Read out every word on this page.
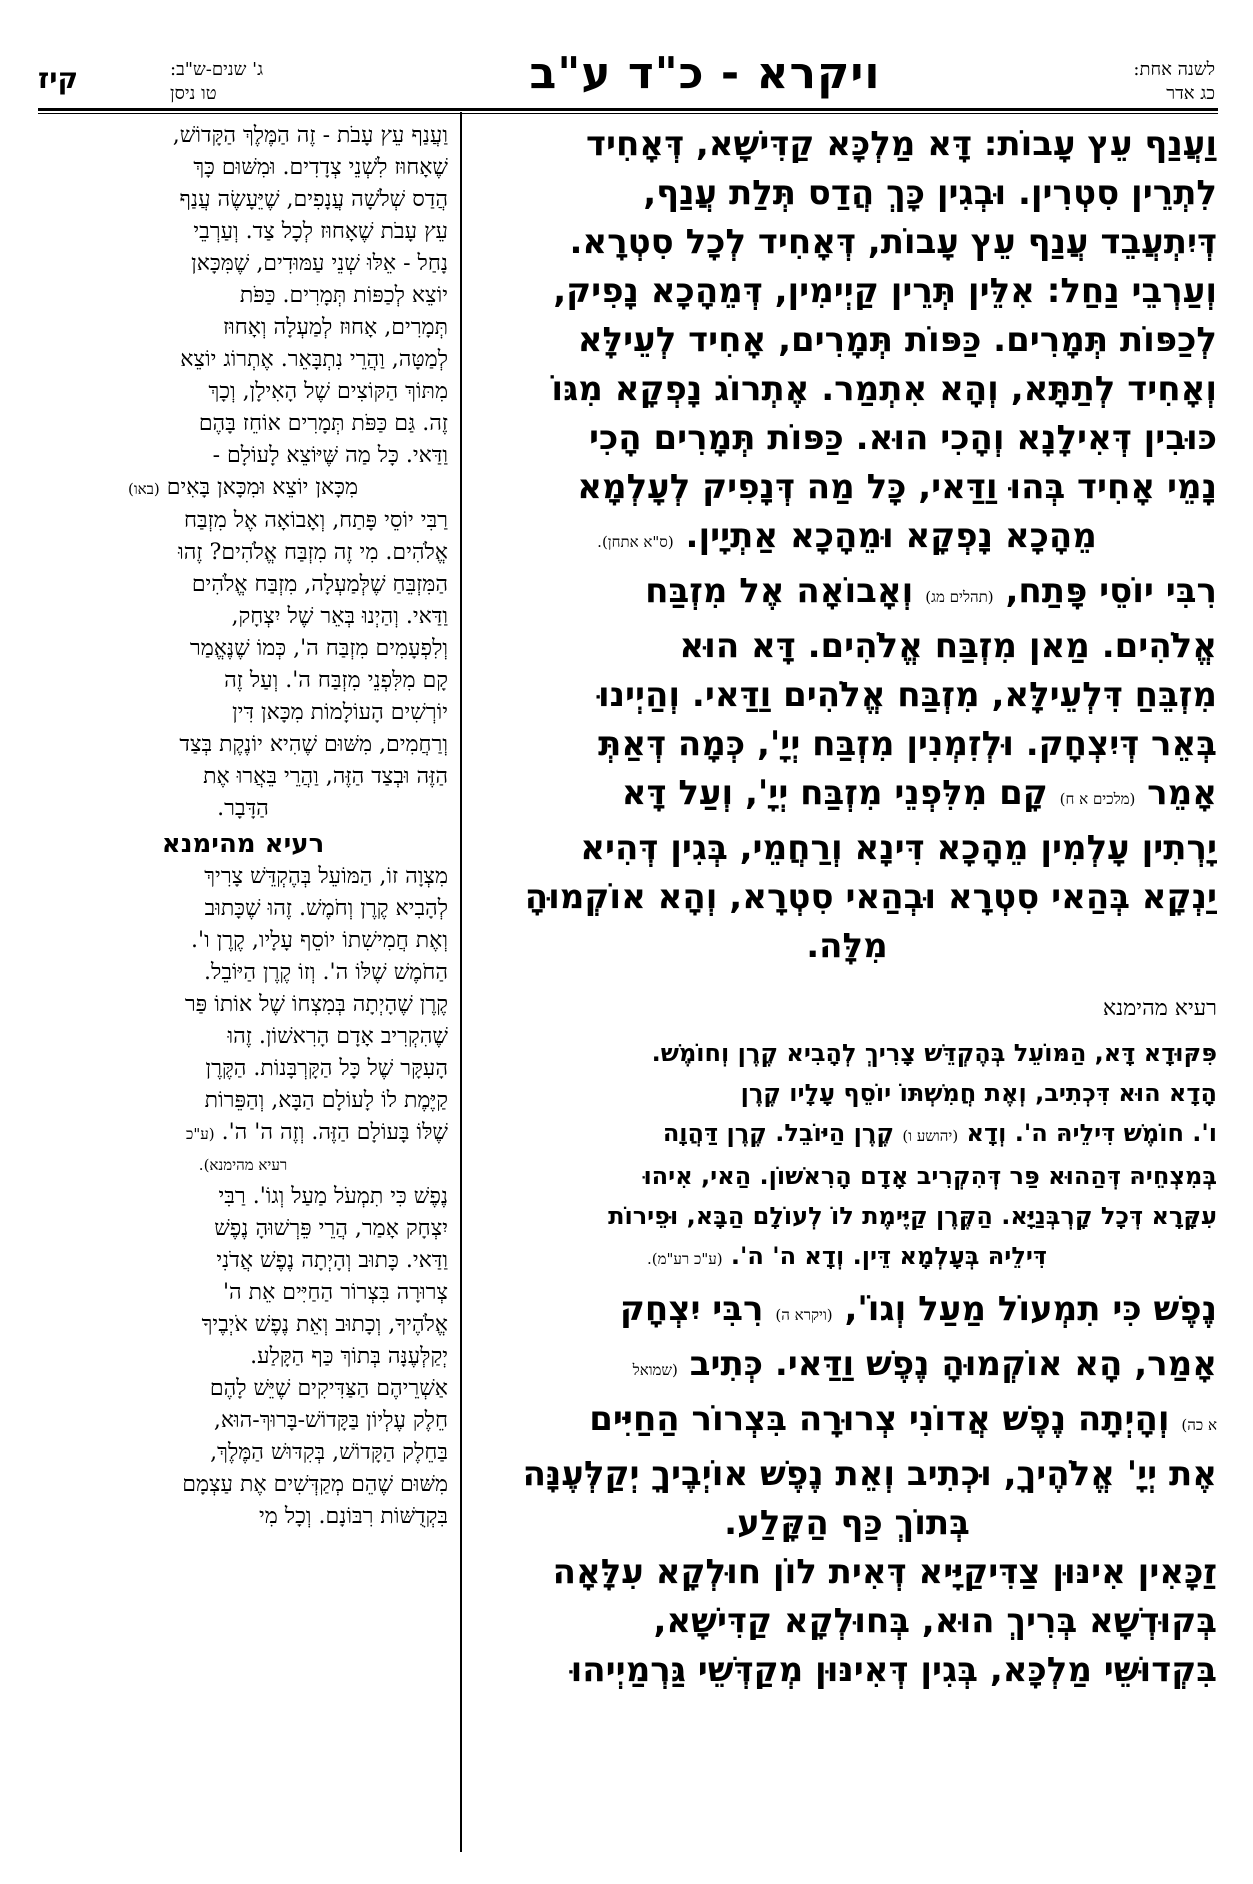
לשנה אחת:
כג אדר
ויקרא - כ"ד ע"ב
ג' שנים-ש"ב:
טו ניסן
קיז
וַעֲנַף עֵץ עָבוֹת: דָּא מַלְכָּא קַדִּישָׁא, דְּאָחִיד
לִתְרֵין סִטְרִין. וּבְגִין כָּךְ הֲדַס תְּלַת עֲנַף,
דְּיִתְעֲבֵד עֲנַף עֵץ עָבוֹת, דְּאָחִיד לְכָל סִטְרָא.
וְעַרְבֵי נַחַל: אִלֵּין תְּרֵין קַיְימִין, דְּמֵהָכָא נָפִיק,
לְכַפּוֹת תְּמָרִים. כַּפּוֹת תְּמָרִים, אָחִיד לְעֵילָּא
וְאָחִיד לְתַתָּא, וְהָא אִתְמַר. אֶתְרוֹג נָפְקָא מִגּוֹ
כּוּבִין דְּאִילָנָא וְהָכִי הוּא. כַּפּוֹת תְּמָרִים הָכִי
נָמֵי אָחִיד בְּהוּ וַדַּאי, כָּל מַה דְּנָפִיק לְעָלְמָא
מֵהָכָא נָפְקָא וּמֵהָכָא אַתְיָין. (ס"א אתחן).
רִבִּי יוֹסֵי פָּתַח, (תהלים מג) וְאָבוֹאָה אֶל מִזְבַּח
אֱלֹהִים. מַאן מִזְבַּח אֱלֹהִים. דָּא הוּא
מִזְבֵּחַ דִּלְעֵילָּא, מִזְבַּח אֱלֹהִים וַדַּאי. וְהַיְינוּ
בְּאֵר דְּיִצְחָק. וּלְזִמְנִין מִזְבַּח יְיָ', כְּמָה דְּאַתְּ
אָמֵר (מלכים א ח) קָם מִלִּפְנֵי מִזְבַּח יְיָ', וְעַל דָּא
יָרְתִין עָלְמִין מֵהָכָא דִּינָא וְרַחֲמֵי, בְּגִין דְּהִיא
יַנְקָא בְּהַאי סִטְרָא וּבְהַאי סִטְרָא, וְהָא אוֹקְמוּהָ
מִלָּה.
רעיא מהימנא
פִּקּוּדָא דָּא, הַמּוֹעֵל בְּהֶקְדֵּשׁ צָרִיךְ לְהָבִיא קֶרֶן וְחוֹמֶשׁ.
הָדָא הוּא דִּכְתִיב, וְאֶת חֲמִשְׁתּוֹ יוֹסֵף עָלָיו קֶרֶן
ו'. חוֹמֶשׁ דִּילֵיהּ ה'. וְדָא (יהושע ו) קֶרֶן הַיּוֹבֵל. קֶרֶן דַּהֲוָה
בְּמִצְחֵיהּ דְּהַהוּא פַּר דְּהִקְרִיב אָדָם הָרִאשׁוֹן. הַאי, אִיהוּ
עִקָּרָא דְּכָל קָרְבְּנַיָּא. הַקֶּרֶן קַיֶּימֶת לוֹ לְעוֹלָם הַבָּא, וּפֵירוֹת
דִּילֵיהּ בְּעָלְמָא דֵּין. וְדָא ה' ה'. (ע"כ רע"מ).
נֶפֶשׁ כִּי תִמְעוֹל מַעַל וְגוֹ', (ויקרא ה) רִבִּי יִצְחָק
אָמַר, הָא אוֹקְמוּהָ נֶפֶשׁ וַדַּאי. כְּתִיב (שמואל
א כה) וְהָיְתָה נֶפֶשׁ אֲדוֹנִי צְרוּרָה בִּצְרוֹר הַחַיִּים
אֶת יְיָ' אֱלֹהֶיךָ, וּכְתִיב וְאֵת נֶפֶשׁ אוֹיְבֶיךָ יְקַלְּעֶנָּה
בְּתוֹךְ כַּף הַקָּלַע.
זַכָּאִין אִינּוּן צַדִּיקַיָּיא דְּאִית לוֹן חוּלְקָא עִלָּאָה
בְּקוּדְשָׁא בְּרִיךְ הוּא, בְּחוּלְקָא קַדִּישָׁא,
בִּקְדוּשֵּׁי מַלְכָּא, בְּגִין דְּאִינּוּן מְקַדְּשֵׁי גַּרְמַיְיהוּ
וַעֲנַף עֵץ עָבֹת - זֶה הַמֶּלֶךְ הַקָּדוֹשׁ,
שֶׁאָחוּז לִשְׁנֵי צְדָדִים. וּמִשּׁוּם כָּךְ
הֲדַס שְׁלֹשָׁה עֲנָפִים, שֶׁיֵּעָשֶׂה עֲנַף
עֵץ עָבֹת שֶׁאָחוּז לְכָל צַד. וְעַרְבֵי
נָחַל - אֵלּוּ שְׁנֵי עַמּוּדִים, שֶׁמִּכָּאן
יוֹצֵא לְכַפּוֹת תְּמָרִים. כַּפֹּת
תְּמָרִים, אָחוּז לְמַעְלָה וְאָחוּז
לְמַטָּה, וַהֲרֵי נִתְבָּאֵר. אֶתְרוֹג יוֹצֵא
מִתּוֹךְ הַקּוֹצִים שֶׁל הָאִילָן, וְכָךְ
זֶה. גַּם כַּפֹּת תְּמָרִים אוֹחֵז בָּהֶם
וַדַּאי. כָּל מַה שֶּׁיּוֹצֵא לָעוֹלָם -
מִכָּאן יוֹצֵא וּמִכָּאן בָּאִים (באו)
רַבִּי יוֹסֵי פָּתַח, וְאָבוֹאָה אֶל מִזְבַּח
אֱלֹהִים. מִי זֶה מִזְבַּח אֱלֹהִים? זֶהוּ
הַמִּזְבֵּחַ שֶׁלְּמַעְלָה, מִזְבַּח אֱלֹהִים
וַדַּאי. וְהַיְנוּ בְּאֵר שֶׁל יִצְחָק,
וְלִפְעָמִים מִזְבַּח ה', כְּמוֹ שֶׁנֶּאֱמַר
קָם מִלִּפְנֵי מִזְבַּח ה'. וְעַל זֶה
יוֹרְשִׁים הָעוֹלָמוֹת מִכָּאן דִּין
וְרַחֲמִים, מִשּׁוּם שֶׁהִיא יוֹנֶקֶת בְּצַד
הַזֶּה וּבְצַד הַזֶּה, וַהֲרֵי בֵּאֲרוּ אֶת
הַדָּבָר.
רעיא מהימנא
מִצְוָה זוֹ, הַמּוֹעֵל בְּהֶקְדֵּשׁ צָרִיךְ
לְהָבִיא קֶרֶן וְחֹמֶשׁ. זֶהוּ שֶׁכָּתוּב
וְאֶת חֲמִישִׁתוֹ יוֹסֵף עָלָיו, קֶרֶן ו'.
הַחֹמֶשׁ שֶׁלּוֹ ה'. וְזוֹ קֶרֶן הַיּוֹבֵל.
קֶרֶן שֶׁהָיְתָה בְּמִצְחוֹ שֶׁל אוֹתוֹ פַּר
שֶׁהִקְרִיב אָדָם הָרִאשׁוֹן. זֶהוּ
הָעִקָּר שֶׁל כָּל הַקָּרְבָּנוֹת. הַקֶּרֶן
קַיֶּמֶת לוֹ לָעוֹלָם הַבָּא, וְהַפֵּרוֹת
שֶׁלּוֹ בָּעוֹלָם הַזֶּה. וְזֶה ה' ה'. (ע"כ
רעיא מהימנא).
נֶפֶשׁ כִּי תִמְעֹל מַעַל וְגוֹ'. רַבִּי
יִצְחָק אָמַר, הֲרֵי פֵּרְשׁוּהָ נֶפֶשׁ
וַדַּאי. כָּתוּב וְהָיְתָה נֶפֶשׁ אֲדֹנִי
צְרוּרָה בִּצְרוֹר הַחַיִּים אֵת ה'
אֱלֹהֶיךָ, וְכָתוּב וְאֵת נֶפֶשׁ אֹיְבֶיךָ
יְקַלְּעֶנָּה בְּתוֹךְ כַּף הַקָּלַע.
אַשְׁרֵיהֶם הַצַּדִּיקִים שֶׁיֵּשׁ לָהֶם
חֵלֶק עֶלְיוֹן בַּקָּדוֹשׁ-בָּרוּךְ-הוּא,
בַּחֵלֶק הַקָּדוֹשׁ, בְּקִדּוּשׁ הַמֶּלֶךְ,
מִשּׁוּם שֶׁהֵם מְקַדְּשִׁים אֶת עַצְמָם
בִּקְדֻשּׁוֹת רִבּוֹנָם. וְכָל מִי
